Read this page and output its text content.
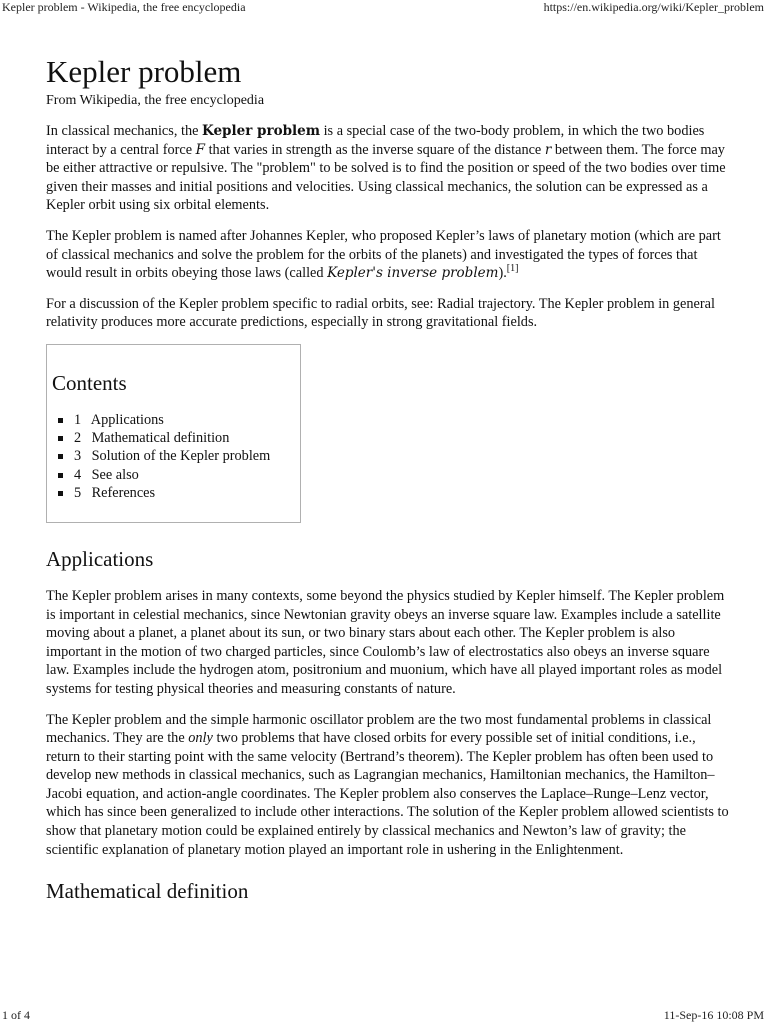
Kepler problem - Wikipedia, the free encyclopedia	https://en.wikipedia.org/wiki/Kepler_problem
Kepler problem
From Wikipedia, the free encyclopedia

In classical mechanics, the Kepler problem is a special case of the two-body problem, in which the two bodies interact by a central force F that varies in strength as the inverse square of the distance r between them. The force may be either attractive or repulsive. The "problem" to be solved is to find the position or speed of the two bodies over time given their masses and initial positions and velocities. Using classical mechanics, the solution can be expressed as a Kepler orbit using six orbital elements.

The Kepler problem is named after Johannes Kepler, who proposed Kepler’s laws of planetary motion (which are part of classical mechanics and solve the problem for the orbits of the planets) and investigated the types of forces that would result in orbits obeying those laws (called Kepler's inverse problem).[1]

For a discussion of the Kepler problem specific to radial orbits, see: Radial trajectory. The Kepler problem in general relativity produces more accurate predictions, especially in strong gravitational fields.

Contents
1 Applications
2 Mathematical definition
3 Solution of the Kepler problem
4 See also
5 References
Applications

The Kepler problem arises in many contexts, some beyond the physics studied by Kepler himself. The Kepler problem is important in celestial mechanics, since Newtonian gravity obeys an inverse square law. Examples include a satellite moving about a planet, a planet about its sun, or two binary stars about each other. The Kepler problem is also important in the motion of two charged particles, since Coulomb’s law of electrostatics also obeys an inverse square law. Examples include the hydrogen atom, positronium and muonium, which have all played important roles as model systems for testing physical theories and measuring constants of nature.

The Kepler problem and the simple harmonic oscillator problem are the two most fundamental problems in classical mechanics. They are the only two problems that have closed orbits for every possible set of initial conditions, i.e., return to their starting point with the same velocity (Bertrand’s theorem). The Kepler problem has often been used to develop new methods in classical mechanics, such as Lagrangian mechanics, Hamiltonian mechanics, the Hamilton–Jacobi equation, and action-angle coordinates. The Kepler problem also conserves the Laplace–Runge–Lenz vector, which has since been generalized to include other interactions. The solution of the Kepler problem allowed scientists to show that planetary motion could be explained entirely by classical mechanics and Newton’s law of gravity; the scientific explanation of planetary motion played an important role in ushering in the Enlightenment.

Mathematical definition
1 of 4	11-Sep-16 10:08 PM
